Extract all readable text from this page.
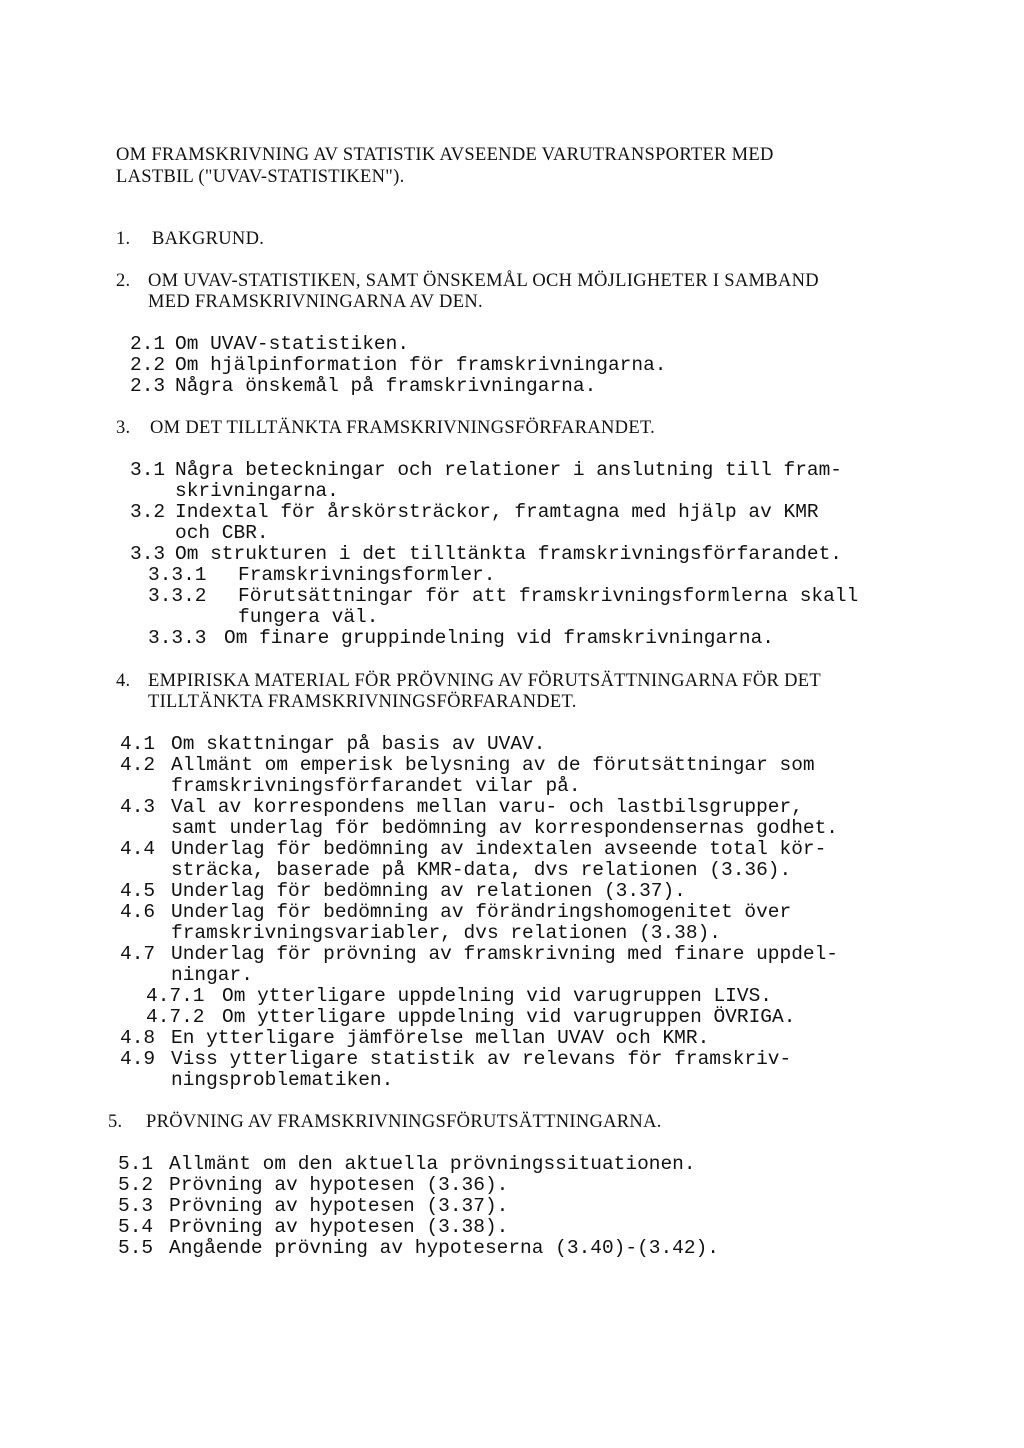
OM FRAMSKRIVNING AV STATISTIK AVSEENDE VARUTRANSPORTER MED
LASTBIL ("UVAV-STATISTIKEN").
1. BAKGRUND.
2. OM UVAV-STATISTIKEN, SAMT ÖNSKEMÅL OCH MÖJLIGHETER I SAMBAND
MED FRAMSKRIVNINGARNA AV DEN.
2.1 Om UVAV-statistiken.
2.2 Om hjälpinformation för framskrivningarna.
2.3 Några önskemål på framskrivningarna.
3. OM DET TILLTÄNKTA FRAMSKRIVNINGSFÖRFARANDET.
3.1 Några beteckningar och relationer i anslutning till fram-
skrivningarna.
3.2 Indextal för årskörsträckor, framtagna med hjälp av KMR
och CBR.
3.3 Om strukturen i det tilltänkta framskrivningsförfarandet.
3.3.1 Framskrivningsformler.
3.3.2 Förutsättningar för att framskrivningsformlerna skall
fungera väl.
3.3.3 Om finare gruppindelning vid framskrivningarna.
4. EMPIRISKA MATERIAL FÖR PRÖVNING AV FÖRUTSÄTTNINGARNA FÖR DET
TILLTÄNKTA FRAMSKRIVNINGSFÖRFARANDET.
4.1 Om skattningar på basis av UVAV.
4.2 Allmänt om emperisk belysning av de förutsättningar som
framskrivningsförfarandet vilar på.
4.3 Val av korrespondens mellan varu- och lastbilsgrupper,
samt underlag för bedömning av korrespondensernas godhet.
4.4 Underlag för bedömning av indextalen avseende total kör-
sträcka, baserade på KMR-data, dvs relationen (3.36).
4.5 Underlag för bedömning av relationen (3.37).
4.6 Underlag för bedömning av förändringshomogenitet över
framskrivningsvariabler, dvs relationen (3.38).
4.7 Underlag för prövning av framskrivning med finare uppdel-
ningar.
4.7.1 Om ytterligare uppdelning vid varugruppen LIVS.
4.7.2 Om ytterligare uppdelning vid varugruppen ÖVRIGA.
4.8 En ytterligare jämförelse mellan UVAV och KMR.
4.9 Viss ytterligare statistik av relevans för framskriv-
ningsproblematiken.
5. PRÖVNING AV FRAMSKRIVNINGSFÖRUTSÄTTNINGARNA.
5.1 Allmänt om den aktuella prövningssituationen.
5.2 Prövning av hypotesen (3.36).
5.3 Prövning av hypotesen (3.37).
5.4 Prövning av hypotesen (3.38).
5.5 Angående prövning av hypoteserna (3.40)-(3.42).
